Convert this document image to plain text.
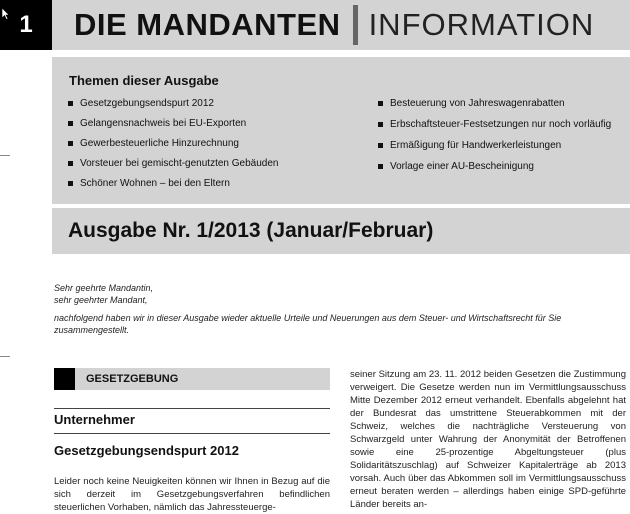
1	DIE MANDANTEN INFORMATION
Themen dieser Ausgabe
Gesetzgebungsendspurt 2012
Gelangensnachweis bei EU-Exporten
Gewerbesteuerliche Hinzurechnung
Vorsteuer bei gemischt-genutzten Gebäuden
Schöner Wohnen – bei den Eltern
Besteuerung von Jahreswagenrabatten
Erbschaftsteuer-Festsetzungen nur noch vorläufig
Ermäßigung für Handwerkerleistungen
Vorlage einer AU-Bescheinigung
Ausgabe Nr. 1/2013 (Januar/Februar)
Sehr geehrte Mandantin,
sehr geehrter Mandant,
nachfolgend haben wir in dieser Ausgabe wieder aktuelle Urteile und Neuerungen aus dem Steuer- und Wirtschaftsrecht für Sie zusammengestellt.
GESETZGEBUNG
Unternehmer
Gesetzgebungsendspurt 2012
Leider noch keine Neuigkeiten können wir Ihnen in Bezug auf die sich derzeit im Gesetzgebungsverfahren befindlichen steuerlichen Vorhaben, nämlich das Jahressteuerge-
seiner Sitzung am 23. 11. 2012 beiden Gesetzen die Zustimmung verweigert. Die Gesetze werden nun im Vermittlungsausschuss Mitte Dezember 2012 erneut verhandelt. Ebenfalls abgelehnt hat der Bundesrat das umstrittene Steuerabkommen mit der Schweiz, welches die nachträgliche Versteuerung von Schwarzgeld unter Wahrung der Anonymität der Betroffenen sowie eine 25-prozentige Abgeltungsteuer (plus Solidaritätszuschlag) auf Schweizer Kapitalerträge ab 2013 vorsah. Auch über das Abkommen soll im Vermittlungsausschuss erneut beraten werden – allerdings haben einige SPD-geführte Länder bereits an-
